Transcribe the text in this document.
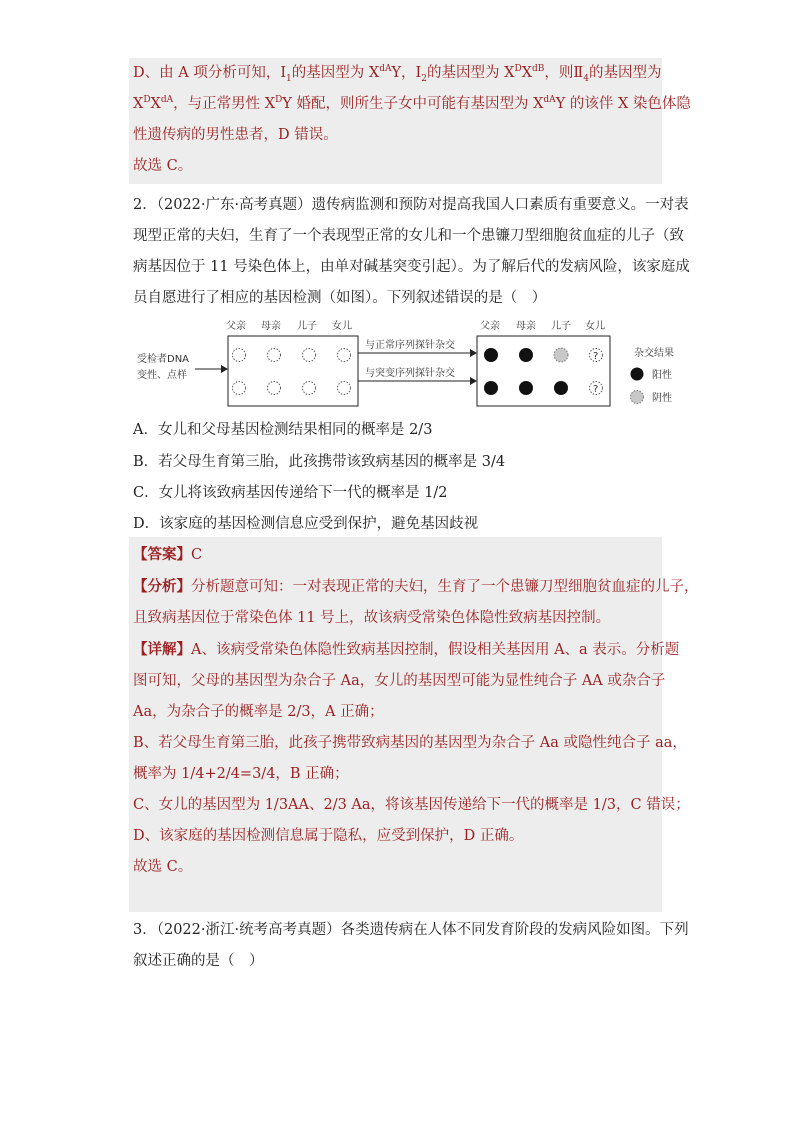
D、由 A 项分析可知，$Ⅰ_1$的基因型为 $X^{dA}Y$，$Ⅰ_2$的基因型为 $X^DX^{dB}$，则$Ⅱ_4$的基因型为
$X^DX^{dA}$，与正常男性 $X^DY$ 婚配，则所生子女中可能有基因型为 $X^{dA}Y$ 的该伴 X 染色体隐
性遗传病的男性患者，D 错误。
故选 C。
2．（2022·广东·高考真题）遗传病监测和预防对提高我国人口素质有重要意义。一对表
现型正常的夫妇，生育了一个表现型正常的女儿和一个患镰刀型细胞贫血症的儿子（致
病基因位于 11 号染色体上，由单对碱基突变引起）。为了解后代的发病风险，该家庭成
员自愿进行了相应的基因检测（如图）。下列叙述错误的是（　）
受检者DNA
变性、点样
父亲 母亲 儿子 女儿
与正常序列探针杂交
与突变序列探针杂交
父亲 母亲 儿子 女儿
?
?
杂交结果
阳性
阴性
A．女儿和父母基因检测结果相同的概率是 2/3
B．若父母生育第三胎，此孩携带该致病基因的概率是 3/4
C．女儿将该致病基因传递给下一代的概率是 1/2
D．该家庭的基因检测信息应受到保护，避免基因歧视
【答案】C
【分析】分析题意可知：一对表现正常的夫妇，生育了一个患镰刀型细胞贫血症的儿子，
且致病基因位于常染色体 11 号上，故该病受常染色体隐性致病基因控制。
【详解】A、该病受常染色体隐性致病基因控制，假设相关基因用 A、a 表示。分析题
图可知，父母的基因型为杂合子 Aa，女儿的基因型可能为显性纯合子 AA 或杂合子
Aa，为杂合子的概率是 2/3，A 正确；
B、若父母生育第三胎，此孩子携带致病基因的基因型为杂合子 Aa 或隐性纯合子 aa，
概率为 1/4+2/4=3/4，B 正确；
C、女儿的基因型为 1/3AA、2/3 Aa，将该基因传递给下一代的概率是 1/3，C 错误；
D、该家庭的基因检测信息属于隐私，应受到保护，D 正确。
故选 C。
3．（2022·浙江·统考高考真题）各类遗传病在人体不同发育阶段的发病风险如图。下列
叙述正确的是（　）
